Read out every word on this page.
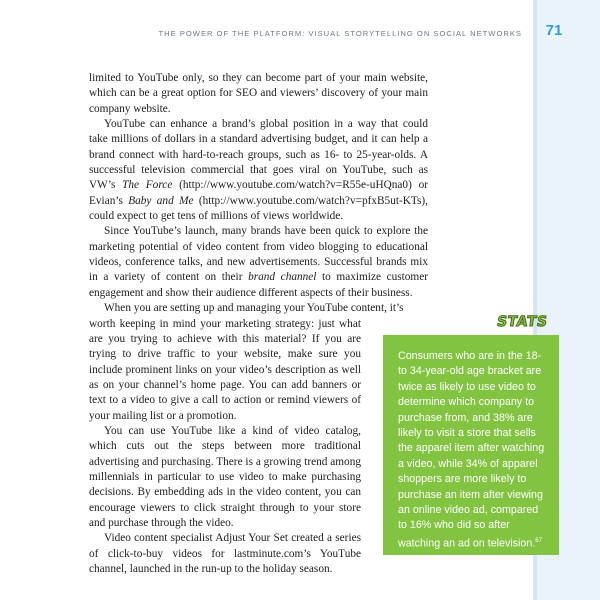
THE POWER OF THE PLATFORM: VISUAL STORYTELLING ON SOCIAL NETWORKS	71

limited to YouTube only, so they can become part of your main website, which can be a great option for SEO and viewers’ discovery of your main company website.

YouTube can enhance a brand’s global position in a way that could take millions of dollars in a standard advertising budget, and it can help a brand connect with hard-to-reach groups, such as 16- to 25-year-olds. A successful television commercial that goes viral on YouTube, such as VW’s The Force (http://www.youtube.com/watch?v=R55e-uHQna0) or Evian’s Baby and Me (http://www.youtube.com/watch?v=pfxB5ut-KTs), could expect to get tens of millions of views worldwide.

Since YouTube’s launch, many brands have been quick to explore the marketing potential of video content from video blogging to educational videos, conference talks, and new advertisements. Successful brands mix in a variety of content on their brand channel to maximize customer engagement and show their audience different aspects of their business.

When you are setting up and managing your YouTube content, it’s

worth keeping in mind your marketing strategy: just what are you trying to achieve with this material? If you are trying to drive traffic to your website, make sure you include prominent links on your video’s description as well as on your channel’s home page. You can add banners or text to a video to give a call to action or remind viewers of your mailing list or a promotion.

You can use YouTube like a kind of video catalog, which cuts out the steps between more traditional advertising and purchasing. There is a growing trend among millennials in particular to use video to make purchasing decisions. By embedding ads in the video content, you can encourage viewers to click straight through to your store and purchase through the video.

Video content specialist Adjust Your Set created a series of click-to-buy videos for lastminute.com’s YouTube channel, launched in the run-up to the holiday season.

STATS
Consumers who are in the 18- to 34-year-old age bracket are twice as likely to use video to determine which company to purchase from, and 38% are likely to visit a store that sells the apparel item after watching a video, while 34% of apparel shoppers are more likely to purchase an item after viewing an online video ad, compared to 16% who did so after watching an ad on television.$^{67}$
